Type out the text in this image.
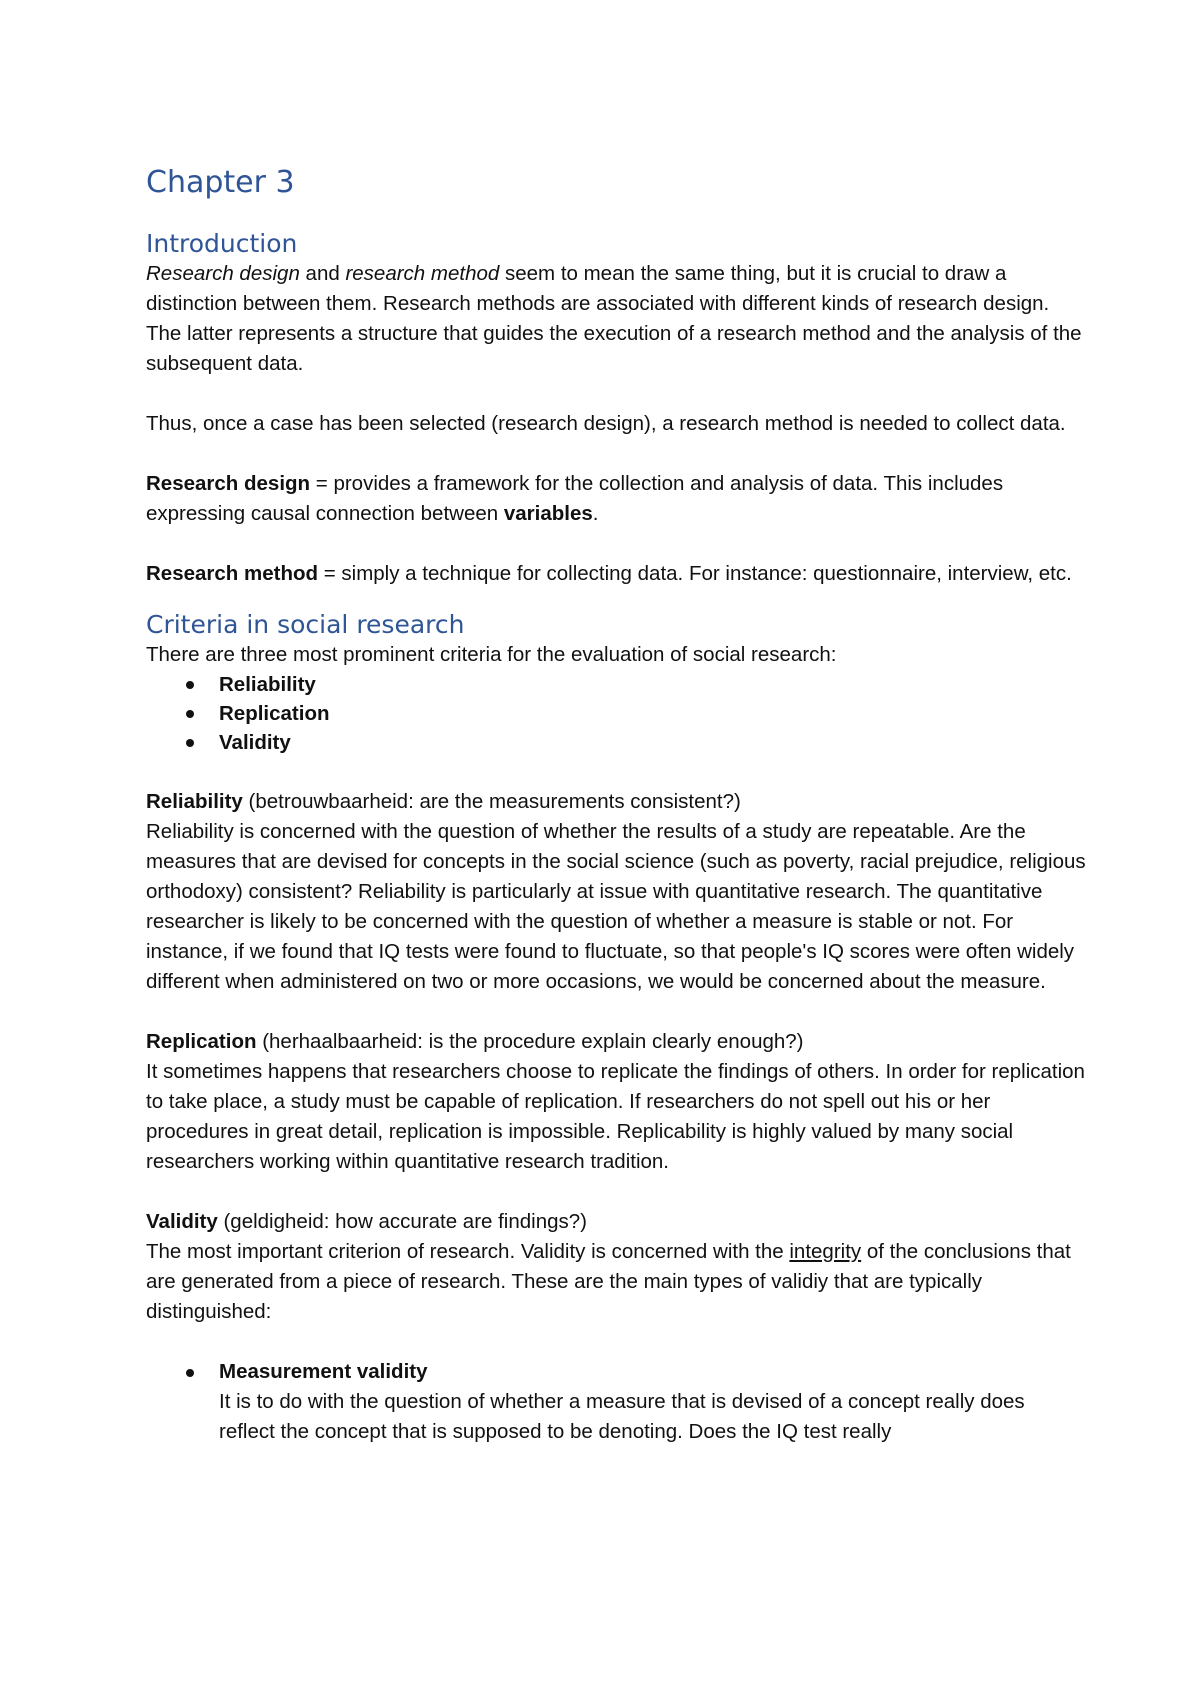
Chapter 3
Introduction

Research design and research method seem to mean the same thing, but it is crucial to draw a distinction between them. Research methods are associated with different kinds of research design. The latter represents a structure that guides the execution of a research method and the analysis of the subsequent data.

Thus, once a case has been selected (research design), a research method is needed to collect data.

Research design = provides a framework for the collection and analysis of data. This includes expressing causal connection between variables.

Research method = simply a technique for collecting data. For instance: questionnaire, interview, etc.

Criteria in social research

There are three most prominent criteria for the evaluation of social research:

Reliability
Replication
Validity

Reliability (betrouwbaarheid: are the measurements consistent?)

Reliability is concerned with the question of whether the results of a study are repeatable. Are the measures that are devised for concepts in the social science (such as poverty, racial prejudice, religious orthodoxy) consistent? Reliability is particularly at issue with quantitative research. The quantitative researcher is likely to be concerned with the question of whether a measure is stable or not. For instance, if we found that IQ tests were found to fluctuate, so that people's IQ scores were often widely different when administered on two or more occasions, we would be concerned about the measure.

Replication (herhaalbaarheid: is the procedure explain clearly enough?)

It sometimes happens that researchers choose to replicate the findings of others. In order for replication to take place, a study must be capable of replication. If researchers do not spell out his or her procedures in great detail, replication is impossible. Replicability is highly valued by many social researchers working within quantitative research tradition.

Validity (geldigheid: how accurate are findings?)

The most important criterion of research. Validity is concerned with the integrity of the conclusions that are generated from a piece of research. These are the main types of validiy that are typically distinguished:

Measurement validity
It is to do with the question of whether a measure that is devised of a concept really does reflect the concept that is supposed to be denoting. Does the IQ test really
